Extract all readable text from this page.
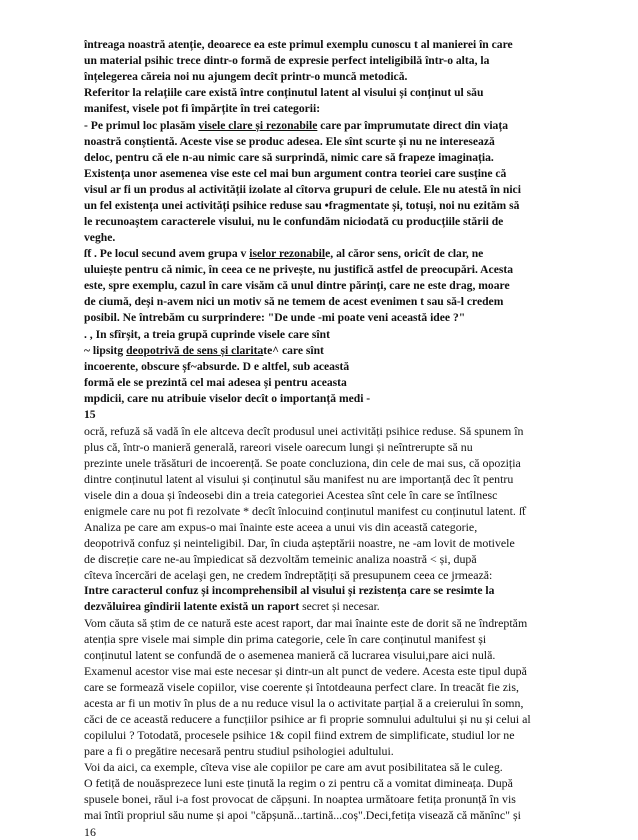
întreaga noastră atenție, deoarece ea este primul exemplu cunoscu t al manierei în care
un material psihic trece dintr-o formă de expresie perfect inteligibilă într-o alta, la
înțelegerea căreia noi nu ajungem decît printr-o muncă metodică.
Referitor la relațiile care există între conținutul latent al visului și conținut ul său
manifest, visele pot fi împărțite în trei categorii:
- Pe primul loc plasăm visele clare și rezonabile care par împrumutate direct din viața
noastră conștientă. Aceste vise se produc adesea. Ele sînt scurte și nu ne interesează
deloc, pentru că ele n-au nimic care să surprindă, nimic care să frapeze imaginația.
Existența unor asemenea vise este cel mai bun argument contra teoriei care susține că
visul ar fi un produs al activității izolate al cîtorva grupuri de celule. Ele nu atestă în nici
un fel existența unei activități psihice reduse sau •fragmentate și, totuși, noi nu ezităm să
le recunoaștem caracterele visului, nu le confundăm niciodată cu producțiile stării de
veghe.
ſƭ . Pe locul secund avem grupa v iselor rezonabile, al căror sens, oricît de clar, ne
uluiește pentru că nimic, în ceea ce ne privește, nu justifică astfel de preocupări. Acesta
este, spre exemplu, cazul în care visăm că unul dintre părinți, care ne este drag, moare
de ciumă, deși n-avem nici un motiv să ne temem de acest evenimen t sau să-l credem
posibil. Ne întrebăm cu surprindere: "De unde -mi poate veni această idee ?"
. , In sfîrșit, a treia grupă cuprinde visele care sînt
~ lipsitg deopotrivă de sens și claritate^ care sînt
incoerente, obscure șf~absurde. D e altfel, sub această
formă ele se prezintă cel mai adesea și pentru aceasta
mpdicii, care nu atribuie viselor decît o importanță medi -
15
ocră, refuză să vadă în ele altceva decît produsul unei activități psihice reduse. Să spunem în
plus că, într-o manieră generală, rareori visele oarecum lungi și neîntrerupte să nu
prezinte unele trăsături de incoerență. Se poate concluziona, din cele de mai sus, că opoziția
dintre conținutul latent al visului și conținutul său manifest nu are importanță dec ît pentru
visele din a doua și îndeosebi din a treia categoriei Acestea sînt cele în care se întîlnesc
enigmele care nu pot fi rezolvate * decît înlocuind conținutul manifest cu conținutul latent. ſƭ
Analiza pe care am expus-o mai înainte este aceea a unui vis din această categorie,
deopotrivă confuz și neinteligibil. Dar, în ciuda așteptării noastre, ne -am lovit de motivele
de discreție care ne-au împiedicat să dezvoltăm temeinic analiza noastră < și, după
cîteva încercări de acelaşi gen, ne credem îndreptățiți să presupunem ceea ce jrmează:
Intre caracterul confuz și incomprehensibil al visului și rezistența care se resimte la
dezvăluirea gîndirii latente există un raport secret și necesar.
Vom căuta să știm de ce natură este acest raport, dar mai înainte este de dorit să ne îndreptăm
atenția spre visele mai simple din prima categorie, cele în care conținutul manifest și
conținutul latent se confundă de o asemenea manieră că lucrarea visului,pare aici nulă.
Examenul acestor vise mai este necesar și dintr-un alt punct de vedere. Acesta este tipul după
care se formează visele copiilor, vise coerente și întotdeauna perfect clare. In treacăt fie zis,
acesta ar fi un motiv în plus de a nu reduce visul la o activitate parțial ă a creierului în somn,
căci de ce această reducere a funcțiilor psihice ar fi proprie somnului adultului și nu și celui al
copilului ? Totodată, procesele psihice 1& copil fiind extrem de simplificate, studiul lor ne
pare a fi o pregătire necesară pentru studiul psihologiei adultului.
Voi da aici, ca exemple, cîteva vise ale copiilor pe care am avut posibilitatea să le culeg.
O fetiță de nouăsprezece luni este ținută la regim o zi pentru că a vomitat dimineața. După
spusele bonei, răul i-a fost provocat de căpșuni. In noaptea următoare fetița pronunță în vis
mai întîi propriul său nume și apoi "căpșună...tartină...coș".Deci,fetița visează că mănînc" și
16
